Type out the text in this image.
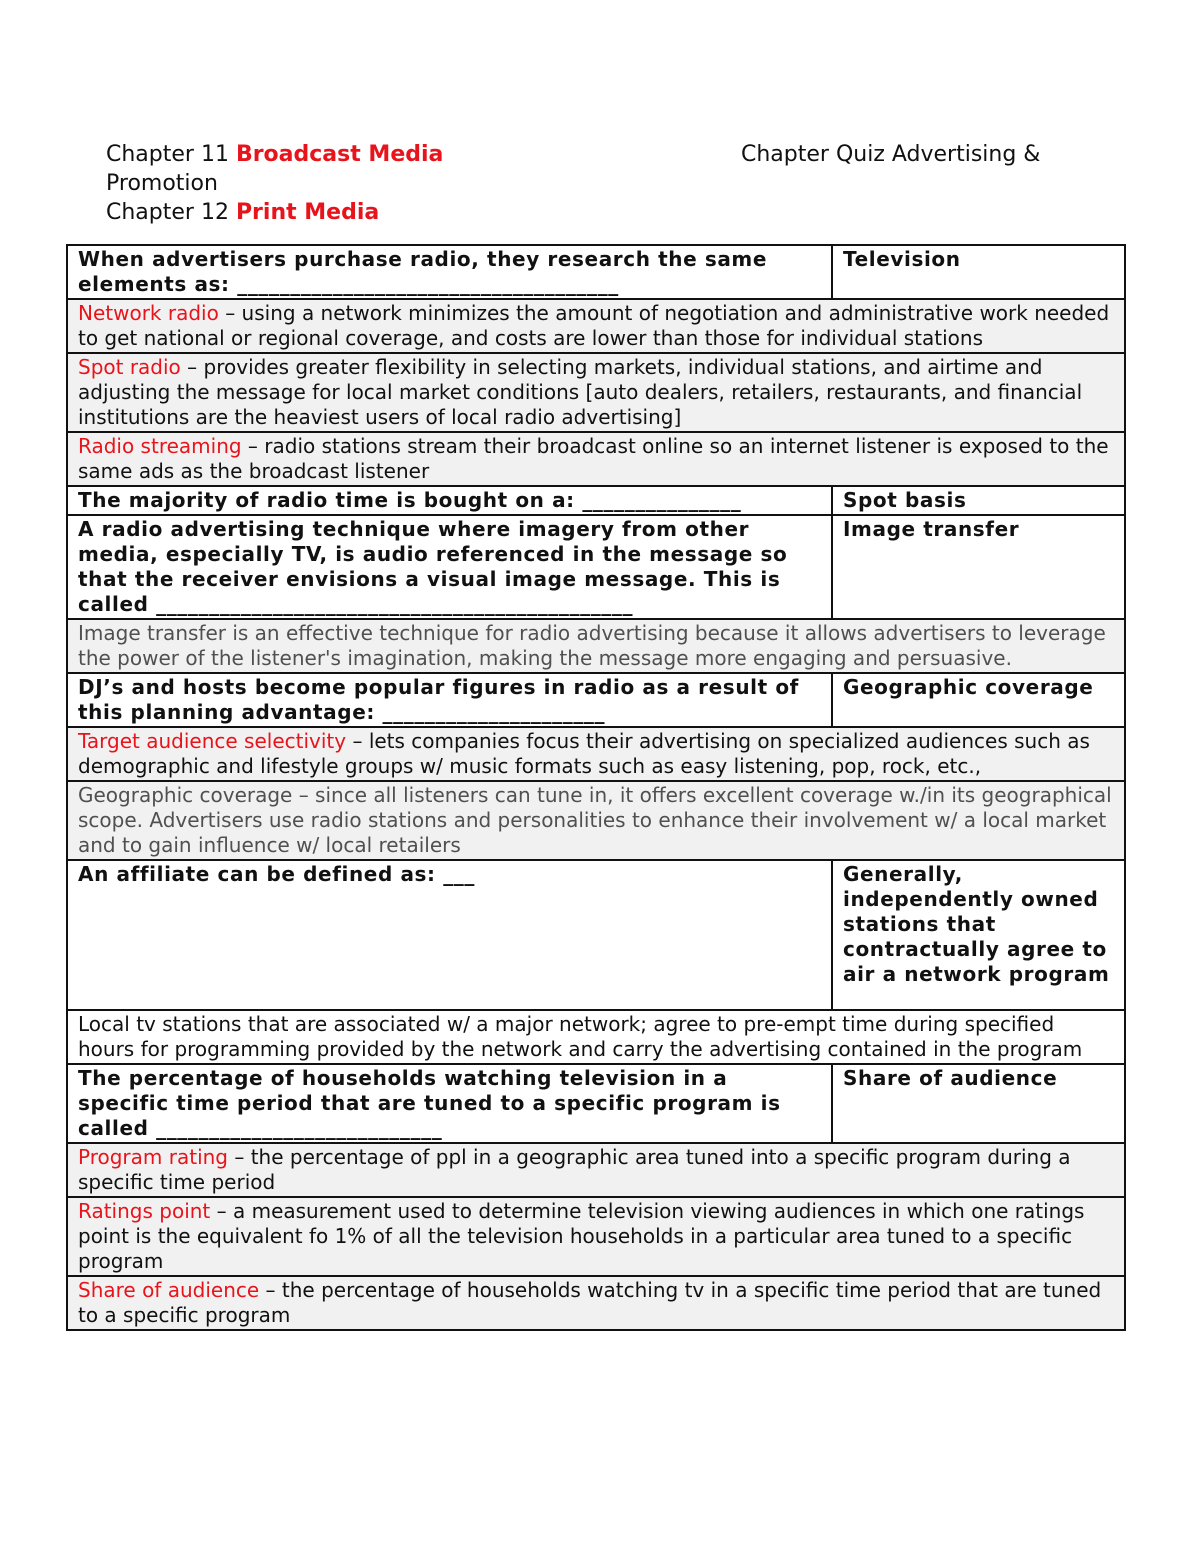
Chapter 11 Broadcast Media	Chapter Quiz Advertising &
Promotion
Chapter 12 Print Media
When advertisers purchase radio, they research the same elements as: ____________________________________	Television
Network radio – using a network minimizes the amount of negotiation and administrative work needed to get national or regional coverage, and costs are lower than those for individual stations	
Spot radio – provides greater flexibility in selecting markets, individual stations, and airtime and adjusting the message for local market conditions [auto dealers, retailers, restaurants, and financial institutions are the heaviest users of local radio advertising]	
Radio streaming – radio stations stream their broadcast online so an internet listener is exposed to the same ads as the broadcast listener	
The majority of radio time is bought on a: _______________	Spot basis
A radio advertising technique where imagery from other media, especially TV, is audio referenced in the message so that the receiver envisions a visual image message. This is called _____________________________________________	Image transfer
Image transfer is an effective technique for radio advertising because it allows advertisers to leverage the power of the listener's imagination, making the message more engaging and persuasive.	
DJ’s and hosts become popular figures in radio as a result of this planning advantage: _____________________	Geographic coverage
Target audience selectivity – lets companies focus their advertising on specialized audiences such as demographic and lifestyle groups w/ music formats such as easy listening, pop, rock, etc.,	
Geographic coverage – since all listeners can tune in, it offers excellent coverage w./in its geographical scope. Advertisers use radio stations and personalities to enhance their involvement w/ a local market and to gain influence w/ local retailers	
An affiliate can be defined as: ___	Generally, independently owned stations that contractually agree to air a network program
Local tv stations that are associated w/ a major network; agree to pre-empt time during specified hours for programming provided by the network and carry the advertising contained in the program	
The percentage of households watching television in a specific time period that are tuned to a specific program is called ___________________________	Share of audience
Program rating – the percentage of ppl in a geographic area tuned into a specific program during a specific time period	
Ratings point – a measurement used to determine television viewing audiences in which one ratings point is the equivalent fo 1% of all the television households in a particular area tuned to a specific program	
Share of audience – the percentage of households watching tv in a specific time period that are tuned to a specific program	
